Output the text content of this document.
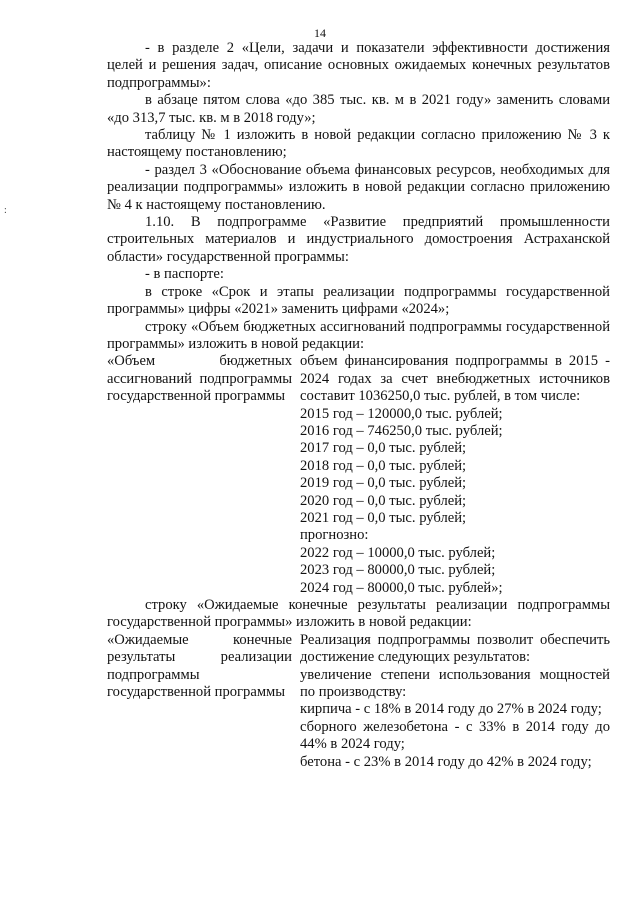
14
:

- в разделе 2 «Цели, задачи и показатели эффективности достижения целей и решения задач, описание основных ожидаемых конечных результатов подпрограммы»:

в абзаце пятом слова «до 385 тыс. кв. м в 2021 году» заменить словами «до 313,7 тыс. кв. м в 2018 году»;

таблицу № 1 изложить в новой редакции согласно приложению № 3 к настоящему постановлению;

- раздел 3 «Обоснование объема финансовых ресурсов, необходимых для реализации подпрограммы» изложить в новой редакции согласно приложению № 4 к настоящему постановлению.

1.10. В подпрограмме «Развитие предприятий промышленности строительных материалов и индустриального домостроения Астраханской области» государственной программы:

- в паспорте:

в строке «Срок и этапы реализации подпрограммы государственной программы» цифры «2021» заменить цифрами «2024»;

строку «Объем бюджетных ассигнований подпрограммы государственной программы» изложить в новой редакции:

«Объем бюджетных ассигнований подпрограммы государственной программы
объем финансирования подпрограммы в 2015 - 2024 годах за счет внебюджетных источников составит 1036250,0 тыс. рублей, в том числе:
2015 год – 120000,0 тыс. рублей;
2016 год – 746250,0 тыс. рублей;
2017 год – 0,0 тыс. рублей;
2018 год – 0,0 тыс. рублей;
2019 год – 0,0 тыс. рублей;
2020 год – 0,0 тыс. рублей;
2021 год – 0,0 тыс. рублей;
прогнозно:
2022 год – 10000,0 тыс. рублей;
2023 год – 80000,0 тыс. рублей;
2024 год – 80000,0 тыс. рублей»;

строку «Ожидаемые конечные результаты реализации подпрограммы государственной программы» изложить в новой редакции:

«Ожидаемые конечные результаты реализации подпрограммы государственной программы
Реализация подпрограммы позволит обеспечить достижение следующих результатов:
увеличение степени использования мощностей по производству:
кирпича - с 18% в 2014 году до 27% в 2024 году;
сборного железобетона - с 33% в 2014 году до 44% в 2024 году;
бетона - с 23% в 2014 году до 42% в 2024 году;
